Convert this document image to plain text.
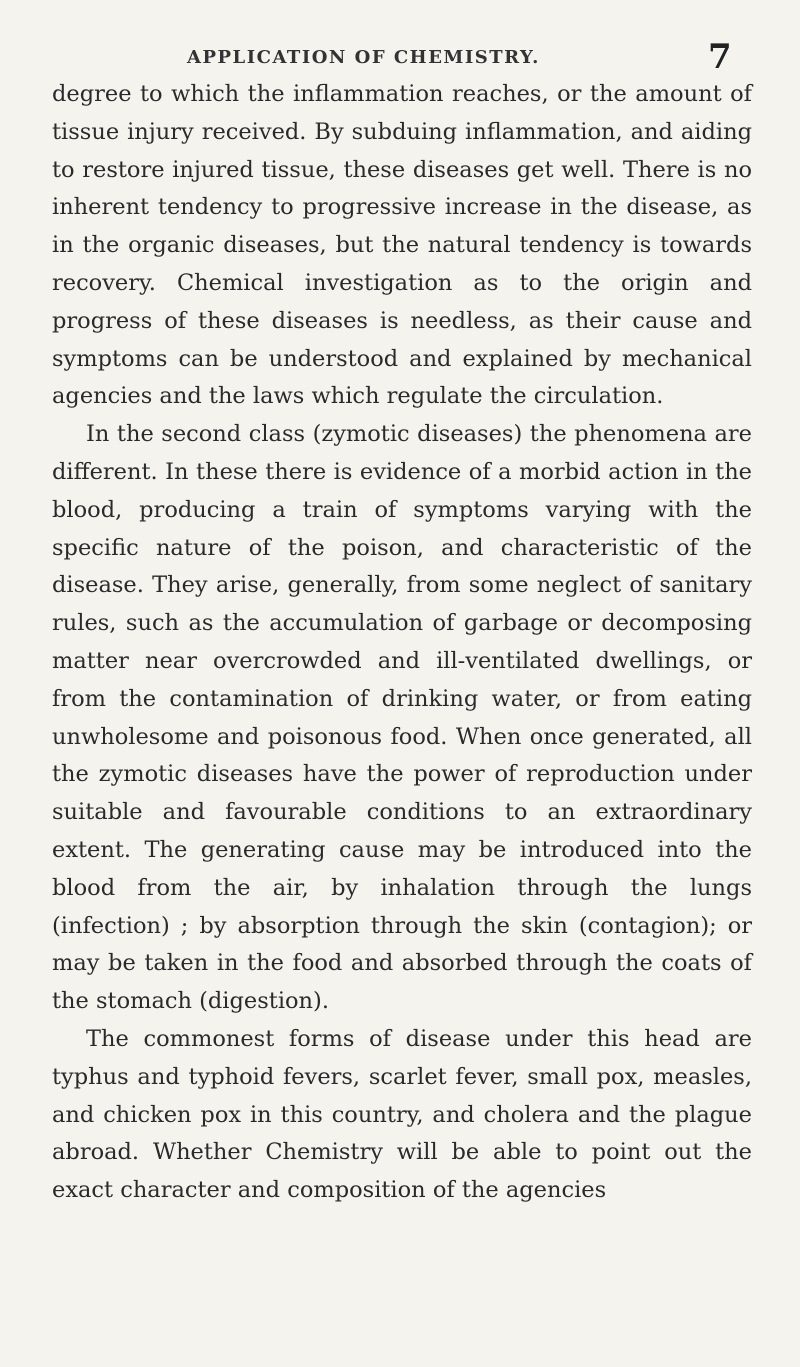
APPLICATION OF CHEMISTRY.	7

degree to which the inflammation reaches, or the amount of tissue injury received. By subduing inflammation, and aiding to restore injured tissue, these diseases get well. There is no inherent tendency to progressive increase in the disease, as in the organic diseases, but the natural tendency is towards recovery. Chemical investigation as to the origin and progress of these diseases is needless, as their cause and symptoms can be understood and explained by mechanical agencies and the laws which regulate the circulation.

In the second class (zymotic diseases) the phenomena are different. In these there is evidence of a morbid action in the blood, producing a train of symptoms varying with the specific nature of the poison, and characteristic of the disease. They arise, generally, from some neglect of sanitary rules, such as the accumulation of garbage or decomposing matter near overcrowded and ill-ventilated dwellings, or from the contamination of drinking water, or from eating unwholesome and poisonous food. When once generated, all the zymotic diseases have the power of reproduction under suitable and favourable conditions to an extraordinary extent. The generating cause may be introduced into the blood from the air, by inhalation through the lungs (infection) ; by absorption through the skin (contagion); or may be taken in the food and absorbed through the coats of the stomach (digestion).

The commonest forms of disease under this head are typhus and typhoid fevers, scarlet fever, small pox, measles, and chicken pox in this country, and cholera and the plague abroad. Whether Chemistry will be able to point out the exact character and composition of the agencies
